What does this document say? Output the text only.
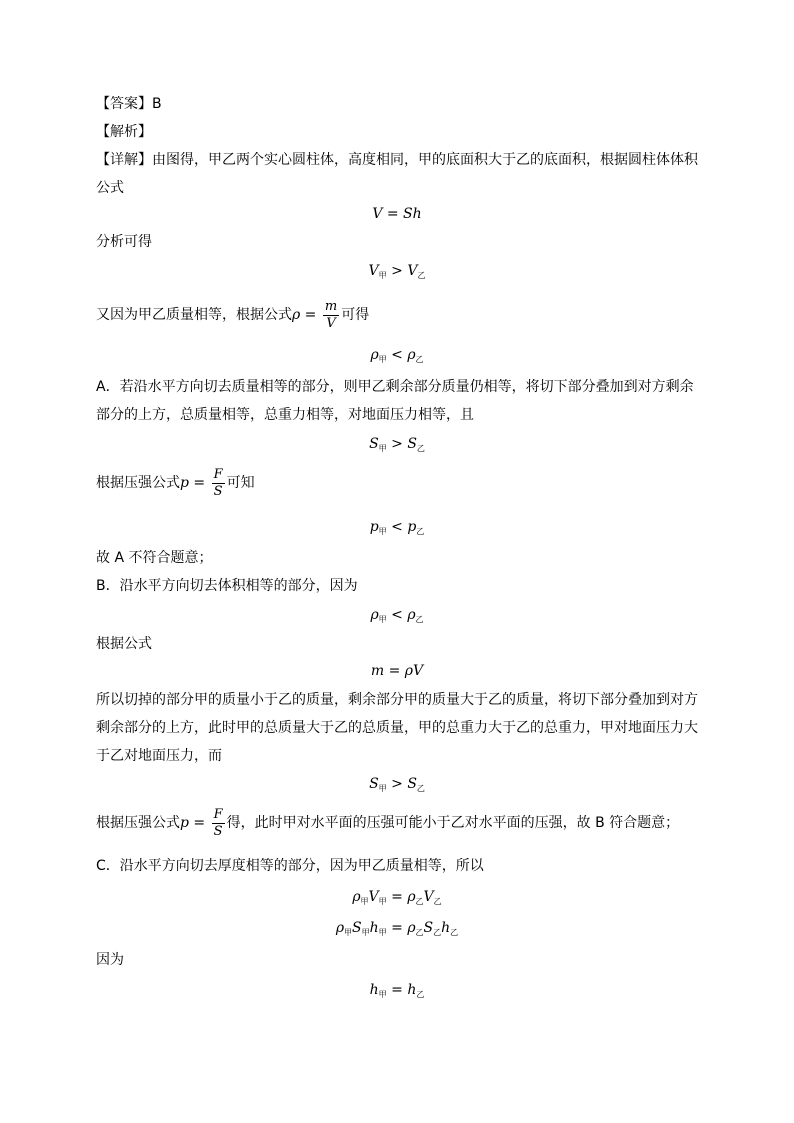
【答案】B
【解析】
【详解】由图得，甲乙两个实心圆柱体，高度相同，甲的底面积大于乙的底面积，根据圆柱体体积
公式
V = Sh
分析可得
$V_甲 > V_乙$
又因为甲乙质量相等，根据公式$\rho = \frac{m}{V}$ 可得
$\rho_甲 < \rho_乙$
A．若沿水平方向切去质量相等的部分，则甲乙剩余部分质量仍相等，将切下部分叠加到对方剩余
部分的上方，总质量相等，总重力相等，对地面压力相等，且
$S_甲 > S_乙$
根据压强公式$p = \frac{F}{S}$ 可知
$p_甲 < p_乙$
故 A 不符合题意；
B．沿水平方向切去体积相等的部分，因为
$\rho_甲 < \rho_乙$
根据公式
m = ρV
所以切掉的部分甲的质量小于乙的质量，剩余部分甲的质量大于乙的质量，将切下部分叠加到对方
剩余部分的上方，此时甲的总质量大于乙的总质量，甲的总重力大于乙的总重力，甲对地面压力大
于乙对地面压力，而
$S_甲 > S_乙$
根据压强公式$p = \frac{F}{S}$ 得，此时甲对水平面的压强可能小于乙对水平面的压强，故 B 符合题意；
C．沿水平方向切去厚度相等的部分，因为甲乙质量相等，所以
$\rho_甲V_甲 = \rho_乙V_乙$
$\rho_甲S_甲h_甲 = \rho_乙S_乙h_乙$
因为
$h_甲 = h_乙$
